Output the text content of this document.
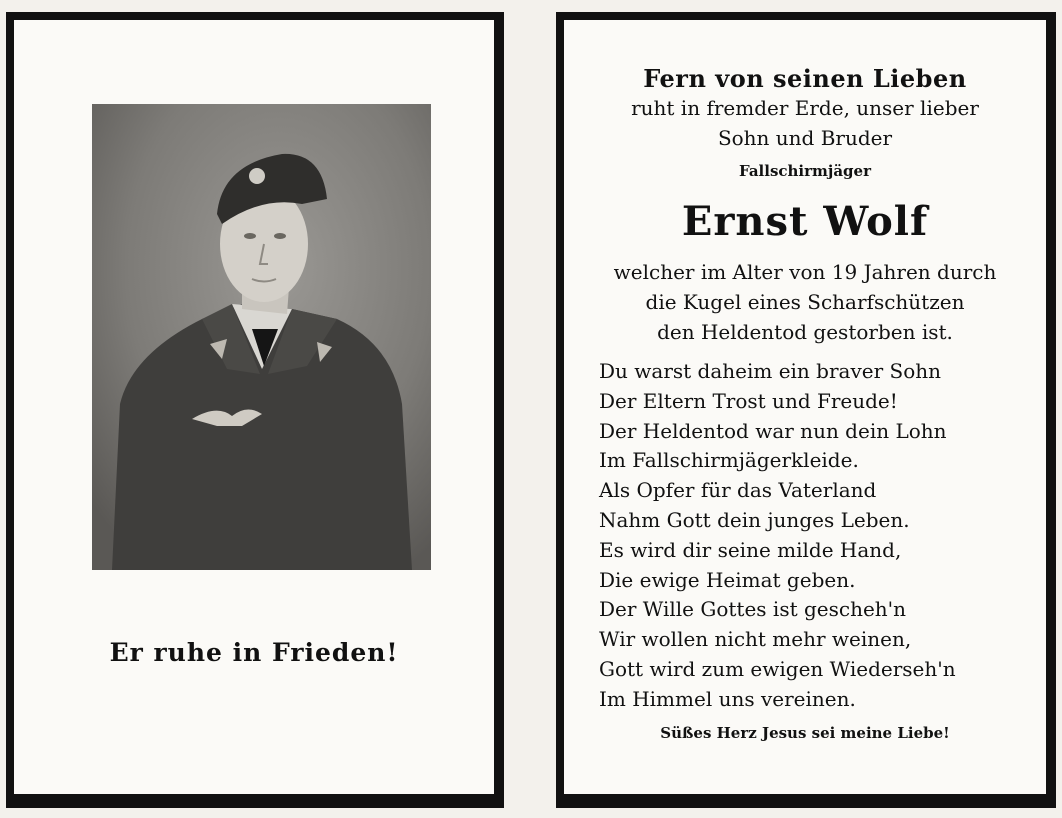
Er ruhe in Frieden!
Fern von seinen Lieben
ruht in fremder Erde, unser lieber
Sohn und Bruder
Fallschirmjäger
Ernst Wolf
welcher im Alter von 19 Jahren durch
die Kugel eines Scharfschützen
den Heldentod gestorben ist.
Du warst daheim ein braver Sohn
Der Eltern Trost und Freude!
Der Heldentod war nun dein Lohn
Im Fallschirmjägerkleide.
Als Opfer für das Vaterland
Nahm Gott dein junges Leben.
Es wird dir seine milde Hand,
Die ewige Heimat geben.
Der Wille Gottes ist gescheh'n
Wir wollen nicht mehr weinen,
Gott wird zum ewigen Wiederseh'n
Im Himmel uns vereinen.
Süßes Herz Jesus sei meine Liebe!
